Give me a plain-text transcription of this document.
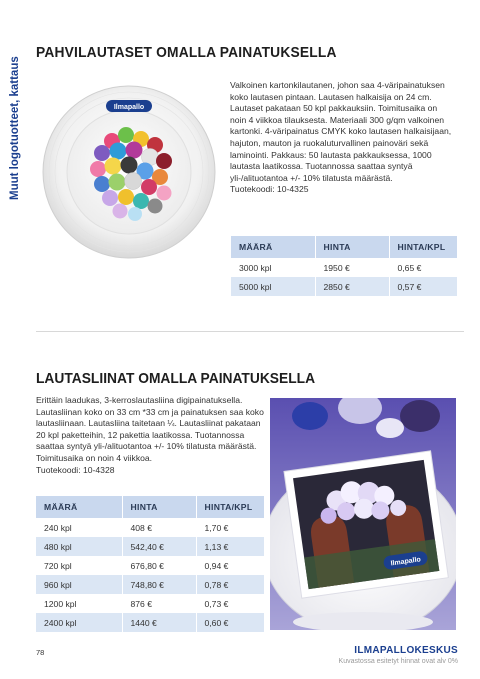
Muut logotuotteet, kattaus
PAHVILAUTASET OMALLA PAINATUKSELLA
Ilmapallo
Valkoinen kartonkilautanen, johon saa 4-väripainatuksen koko lautasen pintaan. Lautasen halkaisija on 24 cm. Lautaset pakataan 50 kpl pakkauksiin. Toimitusaika on noin 4 viikkoa tilauksesta. Materiaali 300 g/qm valkoinen kartonki. 4-väripainatus CMYK koko lautasen halkaisijaan, hajuton, mauton ja ruokaluturvallinen painoväri sekä laminointi. Pakkaus: 50 lautasta pakkauksessa, 1000 lautasta laatikossa. Tuotannossa saattaa syntyä yli-/alituotantoa +/- 10% tilatusta määrästä.
Tuotekoodi: 10-4325
MÄÄRÄ	HINTA	HINTA/KPL
3000 kpl	1950 €	0,65 €
5000 kpl	2850 €	0,57 €
LAUTASLIINAT OMALLA PAINATUKSELLA
Erittäin laadukas, 3-kerroslautasliina digipainatuksella. Lautasliinan koko on 33 cm *33 cm ja painatuksen saa koko lautasliinaan. Lautasliina taitetaan ¼. Lautasliinat pakataan 20 kpl paketteihin, 12 pakettia laatikossa. Tuotannossa saattaa syntyä yli-/alituotantoa +/- 10% tilatusta määrästä. Toimitusaika on noin 4 viikkoa.
Tuotekoodi: 10-4328
MÄÄRÄ	HINTA	HINTA/KPL
240 kpl	408 €	1,70 €
480 kpl	542,40 €	1,13 €
720 kpl	676,80 €	0,94 €
960 kpl	748,80 €	0,78 €
1200 kpl	876 €	0,73 €
2400 kpl	1440 €	0,60 €
Ilmapallo
78	ILMAPALLOKESKUS
Kuvastossa esitetyt hinnat ovat alv 0%
